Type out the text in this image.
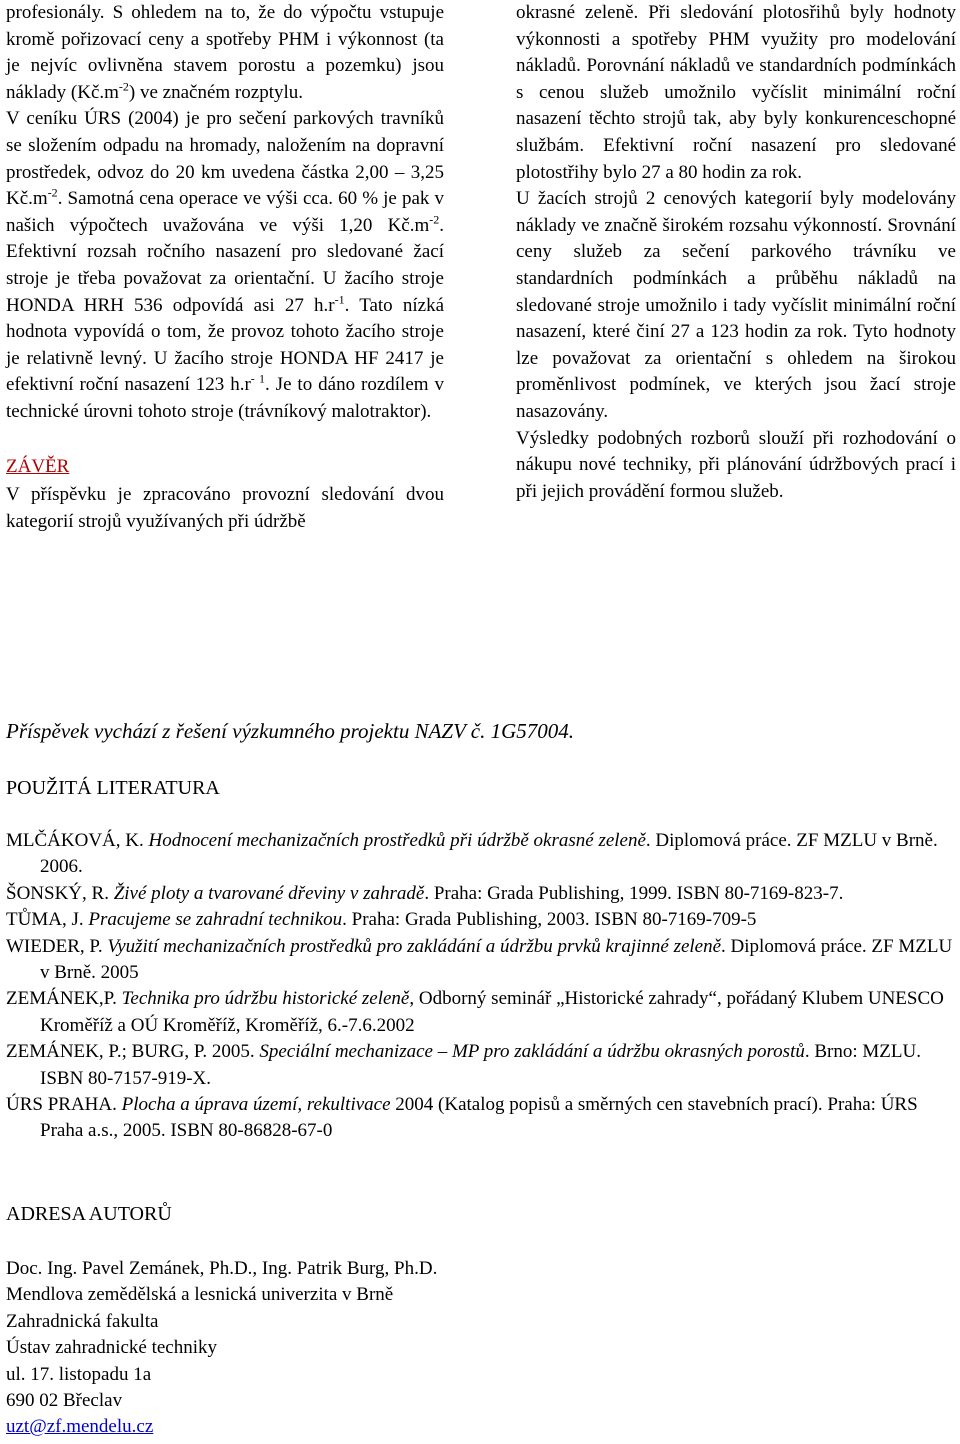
profesionály. S ohledem na to, že do výpočtu vstupuje kromě pořizovací ceny a spotřeby PHM i výkonnost (ta je nejvíc ovlivněna stavem porostu a pozemku) jsou náklady $(Kč.m^{-2})$ ve značném rozptylu.

V ceníku ÚRS (2004) je pro sečení parkových travníků se složením odpadu na hromady, naložením na dopravní prostředek, odvoz do 20 km uvedena částka 2,00 – 3,25 $Kč.m^{-2}$. Samotná cena operace ve výši cca. 60 % je pak v našich výpočtech uvažována ve výši 1,20 $Kč.m^{-2}$. Efektivní rozsah ročního nasazení pro sledované žací stroje je třeba považovat za orientační. U žacího stroje HONDA HRH 536 odpovídá asi 27 $h.r^{-1}$. Tato nízká hodnota vypovídá o tom, že provoz tohoto žacího stroje je relativně levný. U žacího stroje HONDA HF 2417 je efektivní roční nasazení 123 $h.r^{- 1}$. Je to dáno rozdílem v technické úrovni tohoto stroje (trávníkový malotraktor).

ZÁVĚR

V příspěvku je zpracováno provozní sledování dvou kategorií strojů využívaných při údržbě

okrasné zeleně. Při sledování plotosřihů byly hodnoty výkonnosti a spotřeby PHM využity pro modelování nákladů. Porovnání nákladů ve standardních podmínkách s cenou služeb umožnilo vyčíslit minimální roční nasazení těchto strojů tak, aby byly konkurenceschopné službám. Efektivní roční nasazení pro sledované plotostřihy bylo 27 a 80 hodin za rok.

U žacích strojů 2 cenových kategorií byly modelovány náklady ve značně širokém rozsahu výkonností. Srovnání ceny služeb za sečení parkového trávníku ve standardních podmínkách a průběhu nákladů na sledované stroje umožnilo i tady vyčíslit minimální roční nasazení, které činí 27 a 123 hodin za rok. Tyto hodnoty lze považovat za orientační s ohledem na širokou proměnlivost podmínek, ve kterých jsou žací stroje nasazovány.

Výsledky podobných rozborů slouží při rozhodování o nákupu nové techniky, při plánování údržbových prací i při jejich provádění formou služeb.

Příspěvek vychází z řešení výzkumného projektu NAZV č. 1G57004.
POUŽITÁ LITERATURA

MLČÁKOVÁ, K. Hodnocení mechanizačních prostředků při údržbě okrasné zeleně. Diplomová práce. ZF MZLU v Brně. 2006.

ŠONSKÝ, R. Živé ploty a tvarované dřeviny v zahradě. Praha: Grada Publishing, 1999. ISBN 80-7169-823-7.

TŮMA, J. Pracujeme se zahradní technikou. Praha: Grada Publishing, 2003. ISBN 80-7169-709-5

WIEDER, P. Využití mechanizačních prostředků pro zakládání a údržbu prvků krajinné zeleně. Diplomová práce. ZF MZLU v Brně. 2005

ZEMÁNEK,P. Technika pro údržbu historické zeleně, Odborný seminář „Historické zahrady“, pořádaný Klubem UNESCO Kroměříž a OÚ Kroměříž, Kroměříž, 6.-7.6.2002

ZEMÁNEK, P.; BURG, P. 2005. Speciální mechanizace – MP pro zakládání a údržbu okrasných porostů. Brno: MZLU. ISBN 80-7157-919-X.

ÚRS PRAHA. Plocha a úprava území, rekultivace 2004 (Katalog popisů a směrných cen stavebních prací). Praha: ÚRS Praha a.s., 2005. ISBN 80-86828-67-0

ADRESA AUTORŮ

Doc. Ing. Pavel Zemánek, Ph.D., Ing. Patrik Burg, Ph.D.

Mendlova zemědělská a lesnická univerzita v Brně

Zahradnická fakulta

Ústav zahradnické techniky

ul. 17. listopadu 1a

690 02 Břeclav

uzt@zf.mendelu.cz
